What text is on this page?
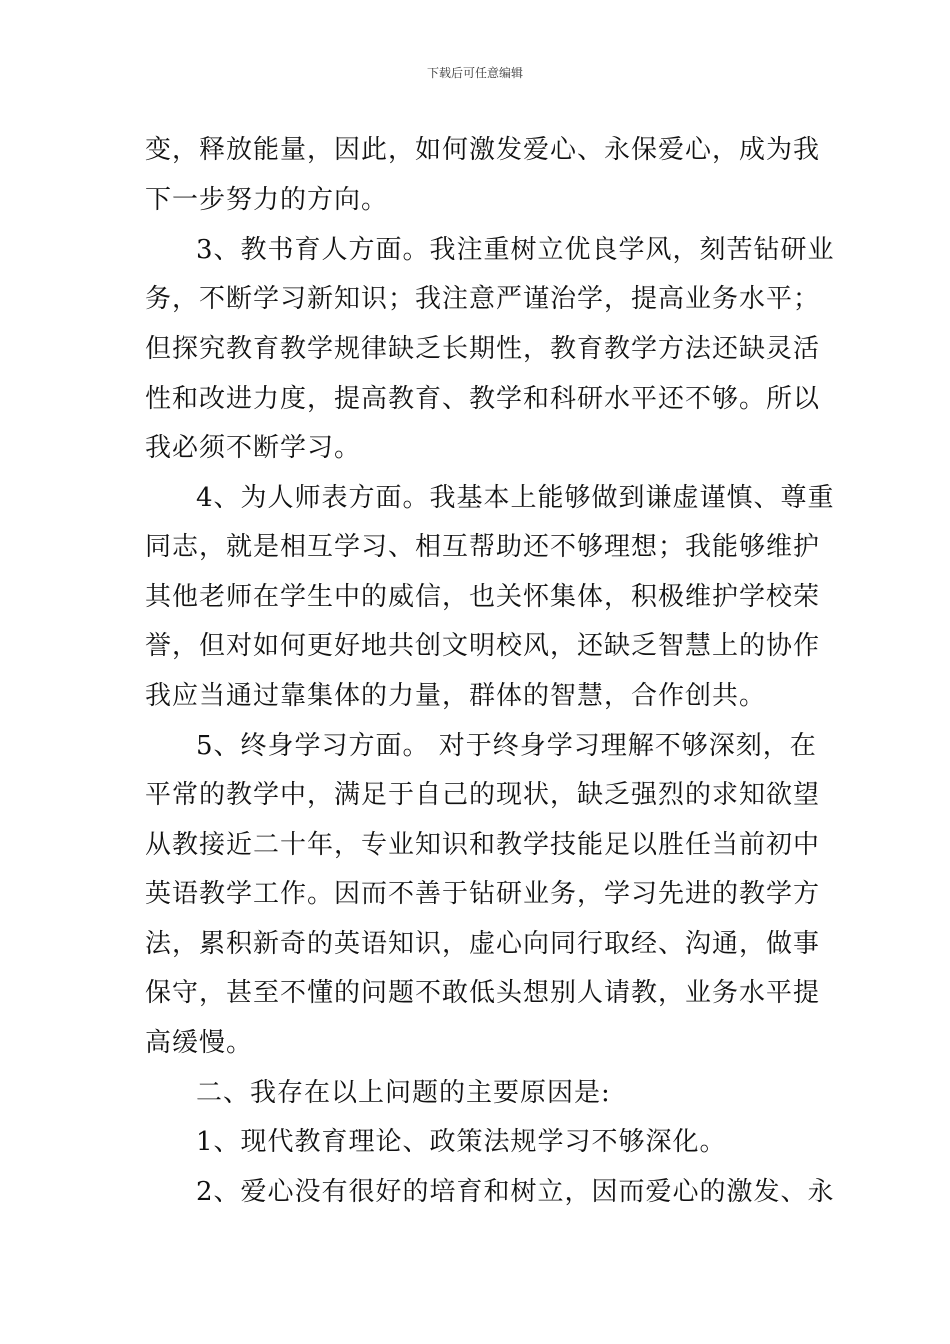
下载后可任意编辑
变，释放能量，因此，如何激发爱心、永保爱心，成为我
下一步努力的方向。
3、教书育人方面。我注重树立优良学风，刻苦钻研业
务，不断学习新知识；我注意严谨治学，提高业务水平；
但探究教育教学规律缺乏长期性，教育教学方法还缺灵活
性和改进力度，提高教育、教学和科研水平还不够。所以
我必须不断学习。
4、为人师表方面。我基本上能够做到谦虚谨慎、尊重
同志，就是相互学习、相互帮助还不够理想；我能够维护
其他老师在学生中的威信，也关怀集体，积极维护学校荣
誉，但对如何更好地共创文明校风，还缺乏智慧上的协作
我应当通过靠集体的力量，群体的智慧，合作创共。
5、终身学习方面。 对于终身学习理解不够深刻，在
平常的教学中，满足于自己的现状，缺乏强烈的求知欲望
从教接近二十年，专业知识和教学技能足以胜任当前初中
英语教学工作。因而不善于钻研业务，学习先进的教学方
法，累积新奇的英语知识，虚心向同行取经、沟通，做事
保守，甚至不懂的问题不敢低头想别人请教，业务水平提
高缓慢。
二、我存在以上问题的主要原因是:
1、现代教育理论、政策法规学习不够深化。
2、爱心没有很好的培育和树立，因而爱心的激发、永
